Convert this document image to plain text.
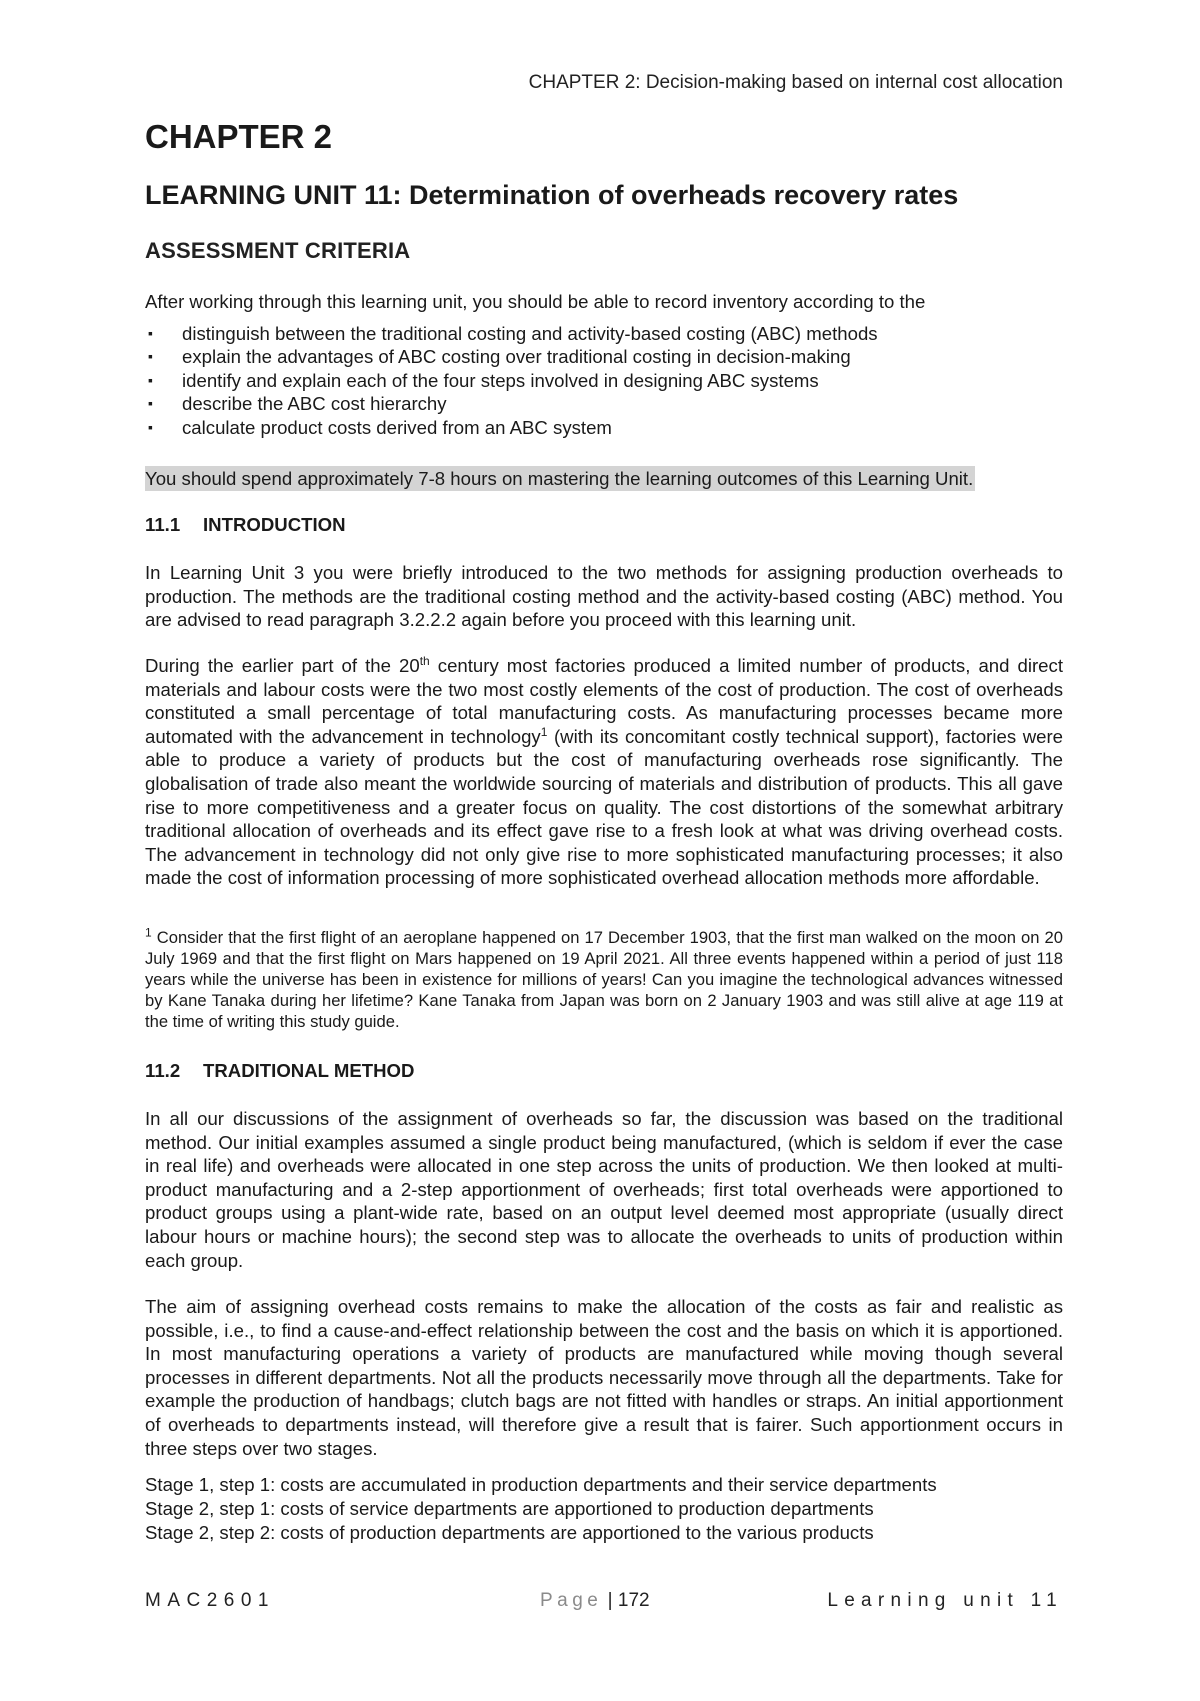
CHAPTER 2: Decision-making based on internal cost allocation
CHAPTER 2
LEARNING UNIT 11: Determination of overheads recovery rates
ASSESSMENT CRITERIA

After working through this learning unit, you should be able to record inventory according to the

▪ distinguish between the traditional costing and activity-based costing (ABC) methods
▪ explain the advantages of ABC costing over traditional costing in decision-making
▪ identify and explain each of the four steps involved in designing ABC systems
▪ describe the ABC cost hierarchy
▪ calculate product costs derived from an ABC system
You should spend approximately 7-8 hours on mastering the learning outcomes of this Learning Unit.
11.1 INTRODUCTION

In Learning Unit 3 you were briefly introduced to the two methods for assigning production overheads to production. The methods are the traditional costing method and the activity-based costing (ABC) method. You are advised to read paragraph 3.2.2.2 again before you proceed with this learning unit.

During the earlier part of the 20th century most factories produced a limited number of products, and direct materials and labour costs were the two most costly elements of the cost of production. The cost of overheads constituted a small percentage of total manufacturing costs. As manufacturing processes became more automated with the advancement in technology$^1$ (with its concomitant costly technical support), factories were able to produce a variety of products but the cost of manufacturing overheads rose significantly. The globalisation of trade also meant the worldwide sourcing of materials and distribution of products. This all gave rise to more competitiveness and a greater focus on quality. The cost distortions of the somewhat arbitrary traditional allocation of overheads and its effect gave rise to a fresh look at what was driving overhead costs. The advancement in technology did not only give rise to more sophisticated manufacturing processes; it also made the cost of information processing of more sophisticated overhead allocation methods more affordable.

$^1$ Consider that the first flight of an aeroplane happened on 17 December 1903, that the first man walked on the moon on 20 July 1969 and that the first flight on Mars happened on 19 April 2021. All three events happened within a period of just 118 years while the universe has been in existence for millions of years! Can you imagine the technological advances witnessed by Kane Tanaka during her lifetime? Kane Tanaka from Japan was born on 2 January 1903 and was still alive at age 119 at the time of writing this study guide.

11.2 TRADITIONAL METHOD

In all our discussions of the assignment of overheads so far, the discussion was based on the traditional method. Our initial examples assumed a single product being manufactured, (which is seldom if ever the case in real life) and overheads were allocated in one step across the units of production. We then looked at multi-product manufacturing and a 2-step apportionment of overheads; first total overheads were apportioned to product groups using a plant-wide rate, based on an output level deemed most appropriate (usually direct labour hours or machine hours); the second step was to allocate the overheads to units of production within each group.

The aim of assigning overhead costs remains to make the allocation of the costs as fair and realistic as possible, i.e., to find a cause-and-effect relationship between the cost and the basis on which it is apportioned. In most manufacturing operations a variety of products are manufactured while moving though several processes in different departments. Not all the products necessarily move through all the departments. Take for example the production of handbags; clutch bags are not fitted with handles or straps. An initial apportionment of overheads to departments instead, will therefore give a result that is fairer. Such apportionment occurs in three steps over two stages.

Stage 1, step 1: costs are accumulated in production departments and their service departments

Stage 2, step 1: costs of service departments are apportioned to production departments

Stage 2, step 2: costs of production departments are apportioned to the various products

MAC2601	Page | 172	Learning unit 11
